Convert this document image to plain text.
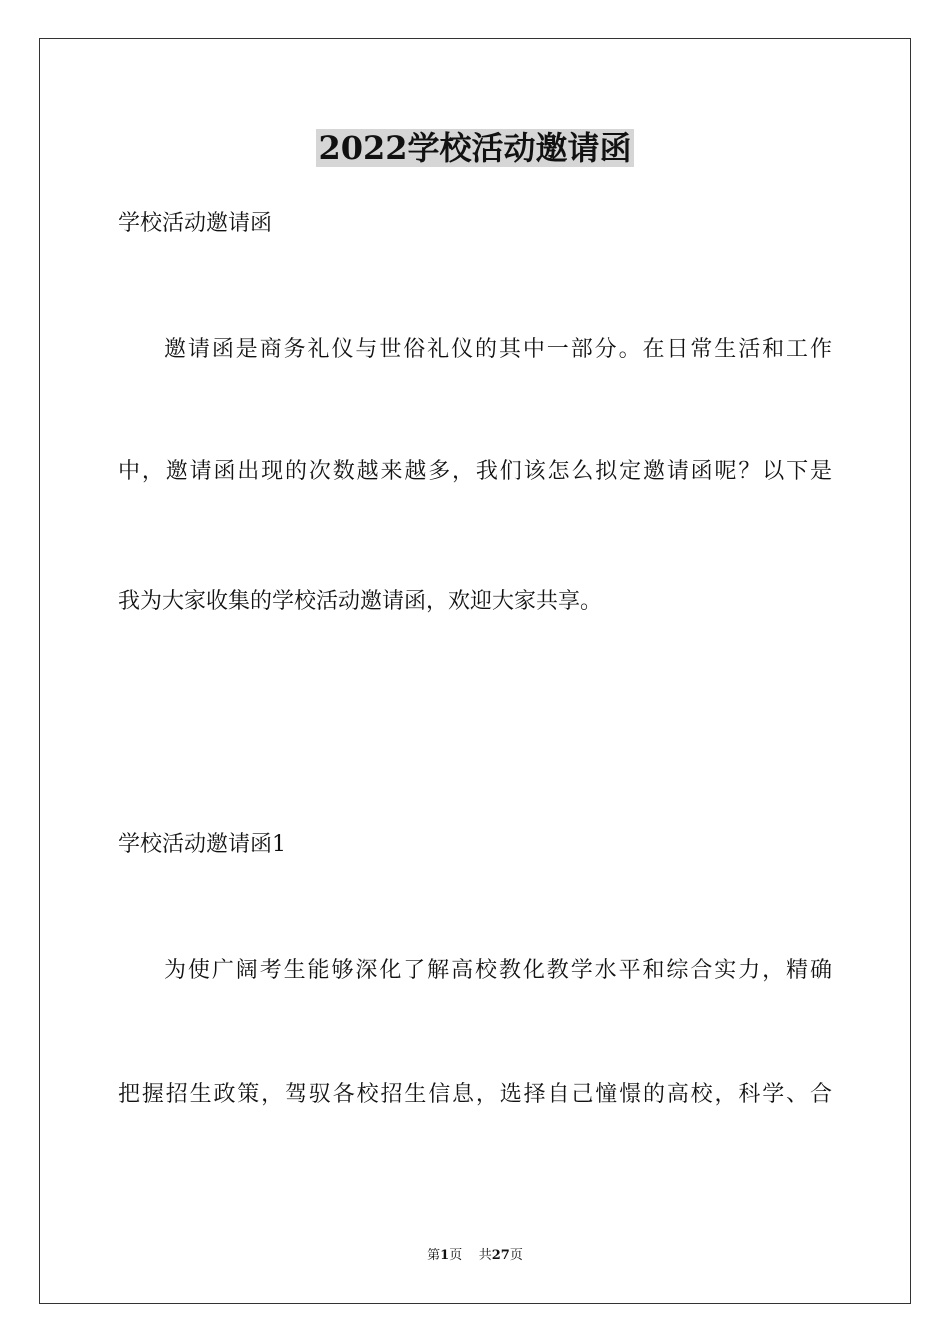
2022学校活动邀请函
学校活动邀请函
邀请函是商务礼仪与世俗礼仪的其中一部分。在日常生活和工作
中，邀请函出现的次数越来越多，我们该怎么拟定邀请函呢？以下是
我为大家收集的学校活动邀请函，欢迎大家共享。
学校活动邀请函1
为使广阔考生能够深化了解高校教化教学水平和综合实力，精确
把握招生政策，驾驭各校招生信息，选择自己憧憬的高校，科学、合
第1页 共27页
